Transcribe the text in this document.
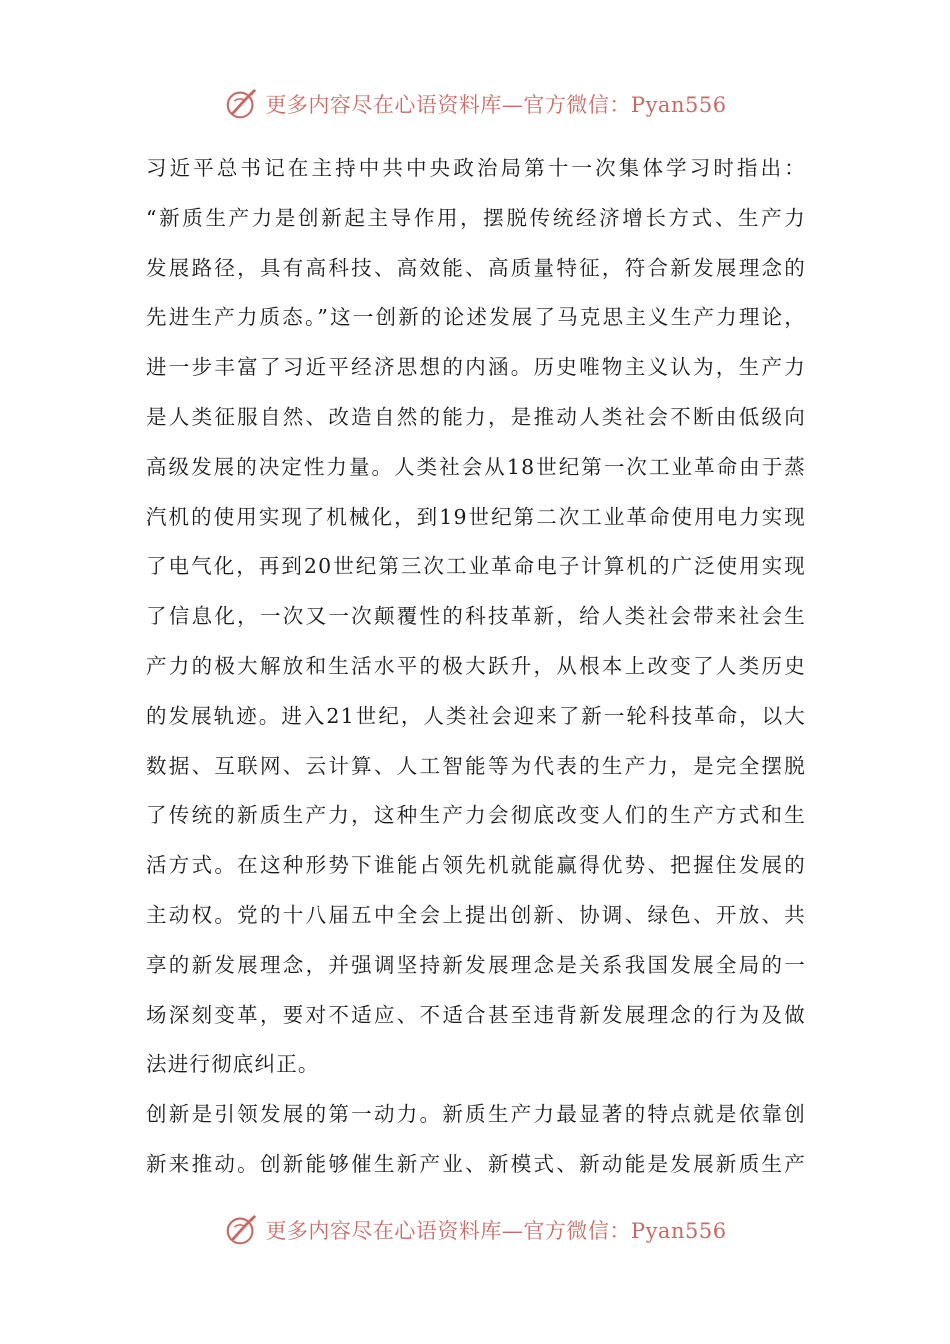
更多内容尽在心语资料库—官方微信：Pyan556

习近平总书记在主持中共中央政治局第十一次集体学习时指出：
“新质生产力是创新起主导作用，摆脱传统经济增长方式、生产力
发展路径，具有高科技、高效能、高质量特征，符合新发展理念的
先进生产力质态。”这一创新的论述发展了马克思主义生产力理论，
进一步丰富了习近平经济思想的内涵。历史唯物主义认为，生产力
是人类征服自然、改造自然的能力，是推动人类社会不断由低级向
高级发展的决定性力量。人类社会从18世纪第一次工业革命由于蒸
汽机的使用实现了机械化，到19世纪第二次工业革命使用电力实现
了电气化，再到20世纪第三次工业革命电子计算机的广泛使用实现
了信息化，一次又一次颠覆性的科技革新，给人类社会带来社会生
产力的极大解放和生活水平的极大跃升，从根本上改变了人类历史
的发展轨迹。进入21世纪，人类社会迎来了新一轮科技革命，以大
数据、互联网、云计算、人工智能等为代表的生产力，是完全摆脱
了传统的新质生产力，这种生产力会彻底改变人们的生产方式和生
活方式。在这种形势下谁能占领先机就能赢得优势、把握住发展的
主动权。党的十八届五中全会上提出创新、协调、绿色、开放、共
享的新发展理念，并强调坚持新发展理念是关系我国发展全局的一
场深刻变革，要对不适应、不适合甚至违背新发展理念的行为及做
法进行彻底纠正。

创新是引领发展的第一动力。新质生产力最显著的特点就是依靠创
新来推动。创新能够催生新产业、新模式、新动能是发展新质生产

更多内容尽在心语资料库—官方微信：Pyan556
